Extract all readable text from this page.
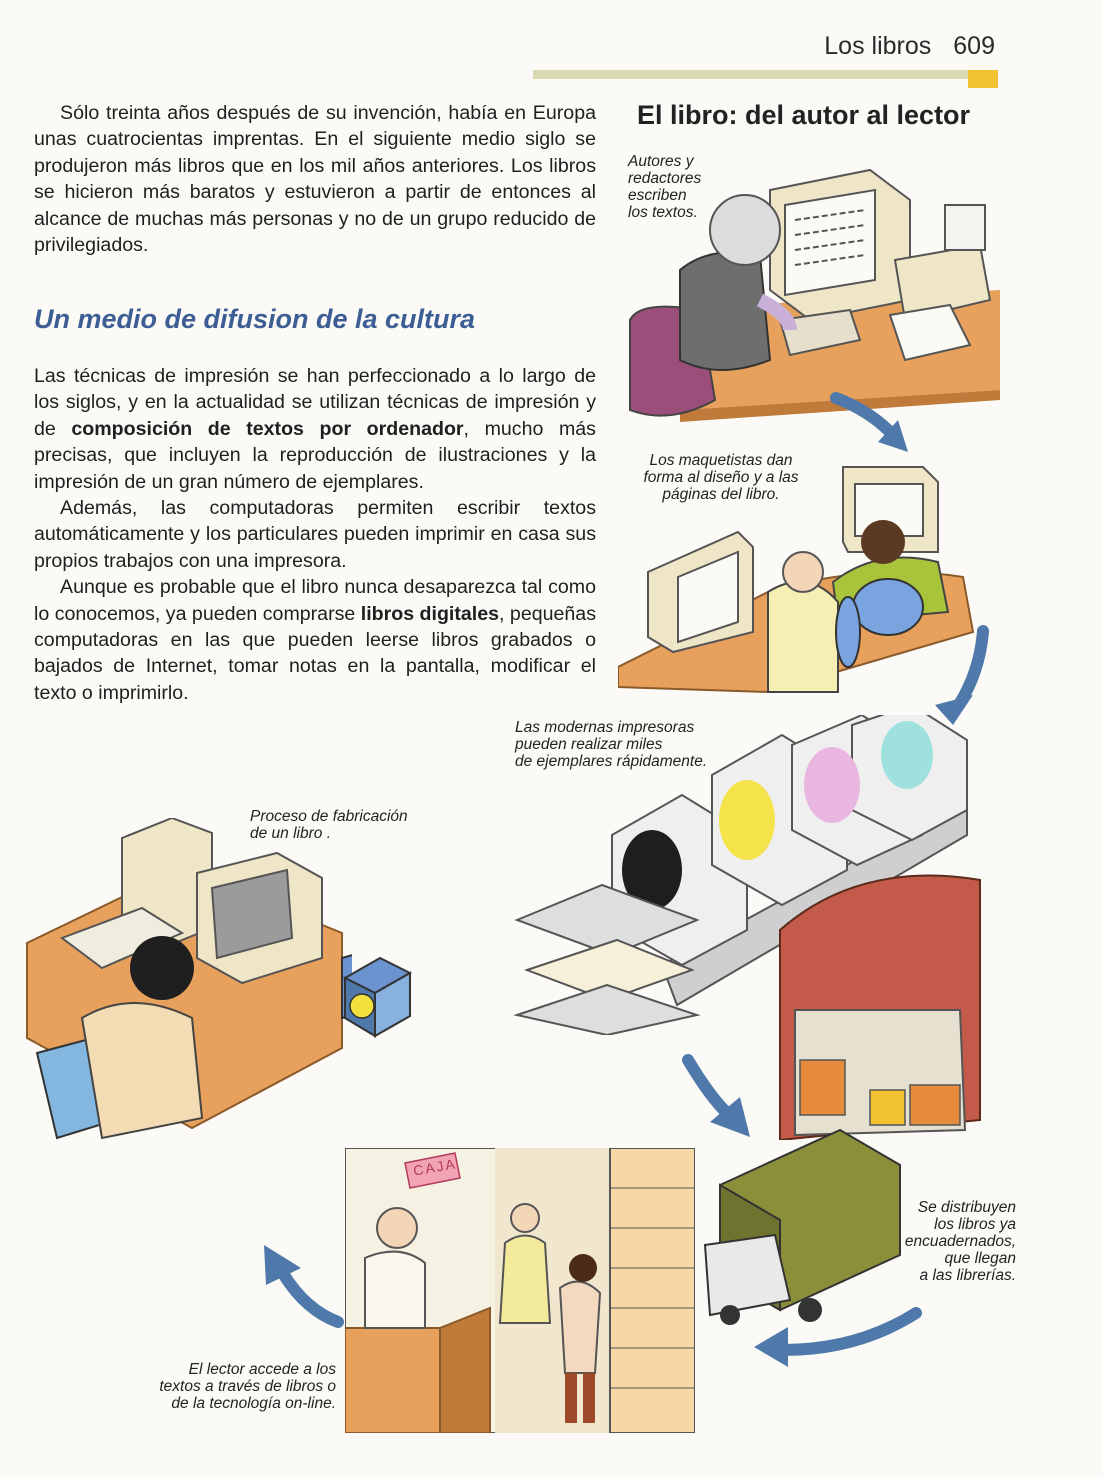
Los libros 609

Sólo treinta años después de su invención, había en Europa unas cuatrocientas imprentas. En el siguiente medio siglo se produjeron más libros que en los mil años anteriores. Los libros se hicieron más baratos y estuvieron a partir de entonces al alcance de muchas más personas y no de un grupo reducido de privilegiados.

Un medio de difusion de la cultura

Las técnicas de impresión se han perfeccionado a lo largo de los siglos, y en la actualidad se utilizan técnicas de impresión y de composición de textos por ordenador, mucho más precisas, que incluyen la reproducción de ilustraciones y la impresión de un gran número de ejemplares.

Además, las computadoras permiten escribir textos automáticamente y los particulares pueden imprimir en casa sus propios trabajos con una impresora.

Aunque es probable que el libro nunca desaparezca tal como lo conocemos, ya pueden comprarse libros digitales, pequeñas computadoras en las que pueden leerse libros grabados o bajados de Internet, tomar notas en la pantalla, modificar el texto o imprimirlo.

El libro: del autor al lector
CAJA

Autores y

redactores

escriben

los textos.

Los maquetistas dan

forma al diseño y a las

páginas del libro.

Las modernas impresoras

pueden realizar miles

de ejemplares rápidamente.

Proceso de fabricación

de un libro .

Se distribuyen

los libros ya

encuadernados,

que llegan

a las librerías.

El lector accede a los

textos a través de libros o

de la tecnología on-line.
